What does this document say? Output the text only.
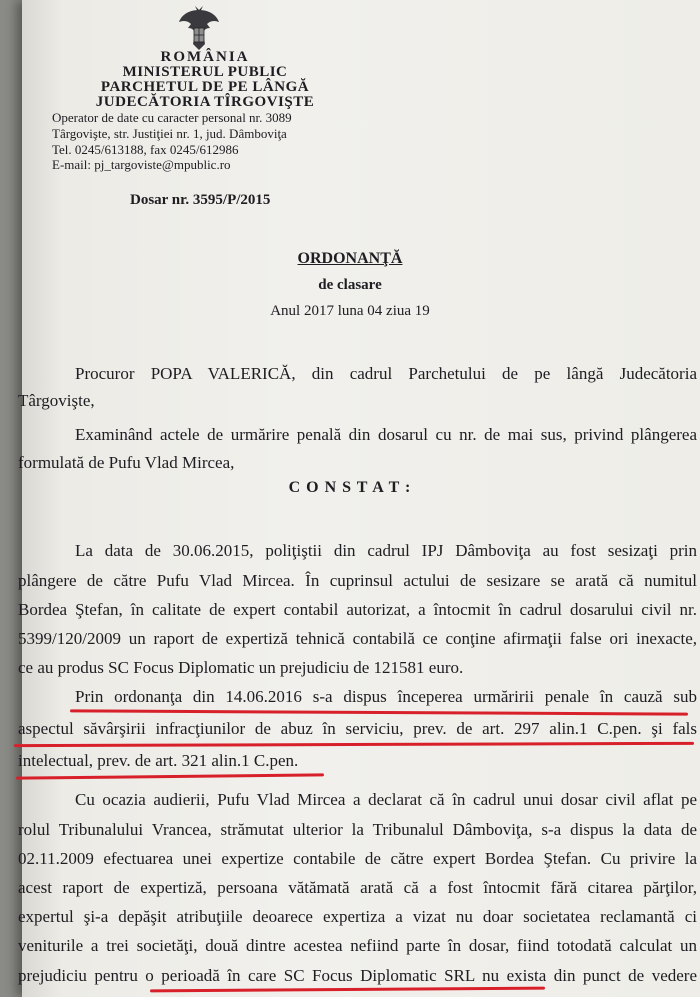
ROMÂNIA
MINISTERUL PUBLIC
PARCHETUL DE PE LÂNGĂ
JUDECĂTORIA TÎRGOVIŞTE
Operator de date cu caracter personal nr. 3089
Târgovişte, str. Justiţiei nr. 1, jud. Dâmboviţa
Tel. 0245/613188, fax 0245/612986
E-mail: pj_targoviste@mpublic.ro
Dosar nr. 3595/P/2015
ORDONANŢĂ
de clasare
Anul 2017 luna 04 ziua 19
Procuror POPA VALERICĂ, din cadrul Parchetului de pe lângă Judecătoria
Târgovişte,
Examinând actele de urmărire penală din dosarul cu nr. de mai sus, privind plângerea
formulată de Pufu Vlad Mircea,
C O N S T A T :
La data de 30.06.2015, poliţiştii din cadrul IPJ Dâmboviţa au fost sesizaţi prin
plângere de către Pufu Vlad Mircea. În cuprinsul actului de sesizare se arată că numitul
Bordea Ştefan, în calitate de expert contabil autorizat, a întocmit în cadrul dosarului civil nr.
5399/120/2009 un raport de expertiză tehnică contabilă ce conţine afirmaţii false ori inexacte,
ce au produs SC Focus Diplomatic un prejudiciu de 121581 euro.
Prin ordonanţa din 14.06.2016 s-a dispus începerea urmăririi penale în cauză sub
aspectul săvârşirii infracţiunilor de abuz în serviciu, prev. de art. 297 alin.1 C.pen. şi fals
intelectual, prev. de art. 321 alin.1 C.pen.
Cu ocazia audierii, Pufu Vlad Mircea a declarat că în cadrul unui dosar civil aflat pe
rolul Tribunalului Vrancea, strămutat ulterior la Tribunalul Dâmboviţa, s-a dispus la data de
02.11.2009 efectuarea unei expertize contabile de către expert Bordea Ştefan. Cu privire la
acest raport de expertiză, persoana vătămată arată că a fost întocmit fără citarea părţilor,
expertul şi-a depăşit atribuţiile deoarece expertiza a vizat nu doar societatea reclamantă ci
veniturile a trei societăţi, două dintre acestea nefiind parte în dosar, fiind totodată calculat un
prejudiciu pentru o perioadă în care SC Focus Diplomatic SRL nu exista din punct de vedere
